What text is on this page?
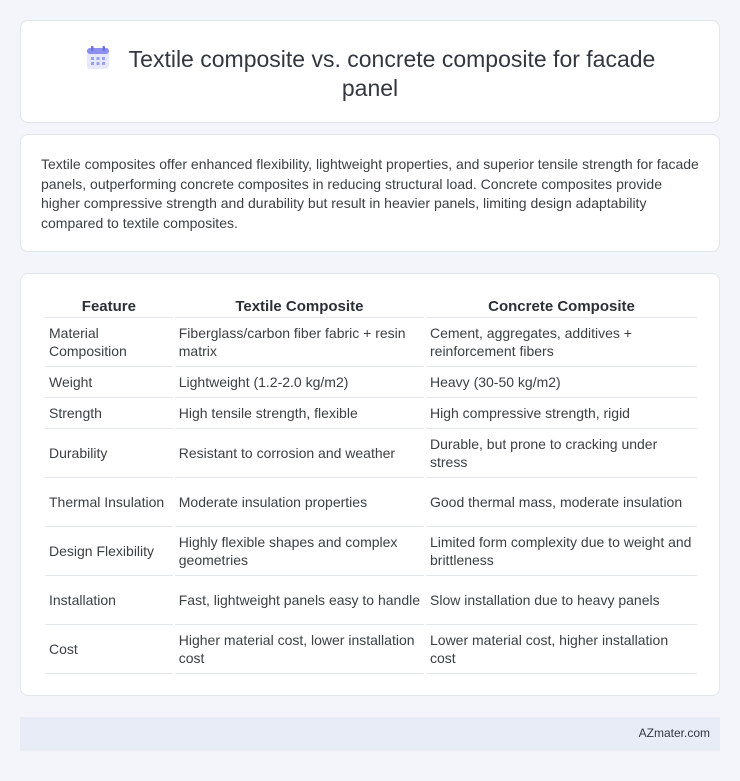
Textile composite vs. concrete composite for facade panel

Textile composites offer enhanced flexibility, lightweight properties, and superior tensile strength for facade panels, outperforming concrete composites in reducing structural load. Concrete composites provide higher compressive strength and durability but result in heavier panels, limiting design adaptability compared to textile composites.

Feature	Textile Composite	Concrete Composite
Material Composition	Fiberglass/carbon fiber fabric + resin matrix	Cement, aggregates, additives + reinforcement fibers
Weight	Lightweight (1.2-2.0 kg/m2)	Heavy (30-50 kg/m2)
Strength	High tensile strength, flexible	High compressive strength, rigid
Durability	Resistant to corrosion and weather	Durable, but prone to cracking under stress
Thermal Insulation	Moderate insulation properties	Good thermal mass, moderate insulation
Design Flexibility	Highly flexible shapes and complex geometries	Limited form complexity due to weight and brittleness
Installation	Fast, lightweight panels easy to handle	Slow installation due to heavy panels
Cost	Higher material cost, lower installation cost	Lower material cost, higher installation cost
AZmater.com
